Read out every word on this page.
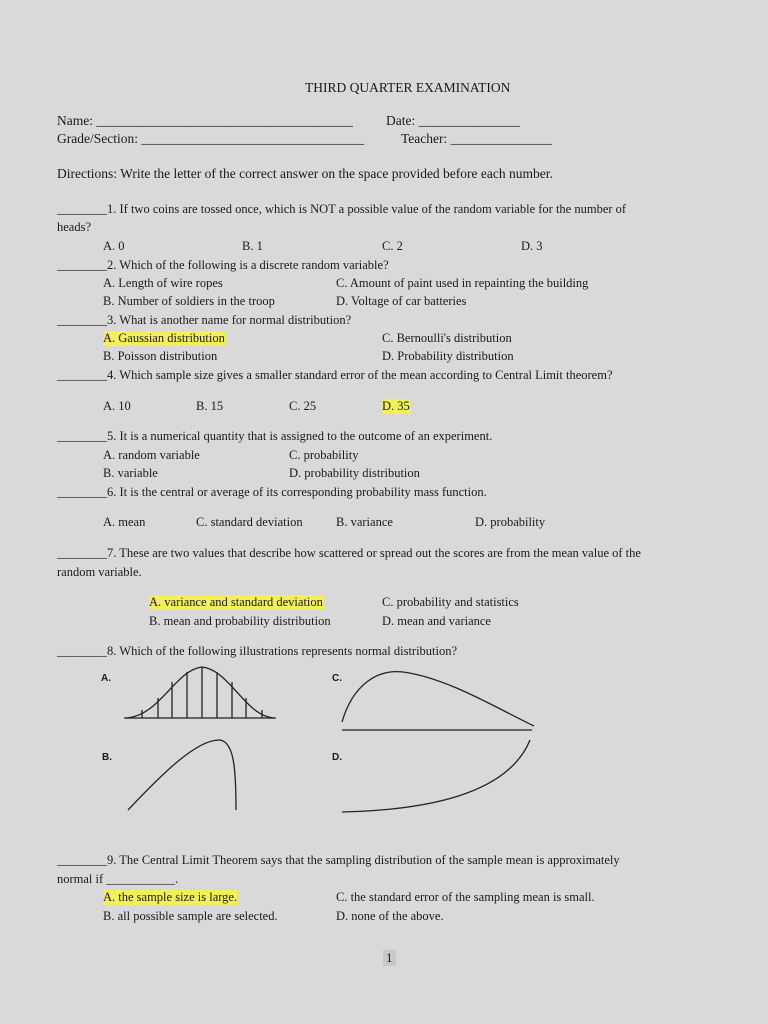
THIRD QUARTER EXAMINATION
Name: ______________________________________ Date: _______________
Grade/Section: _________________________________	Teacher: _______________
Directions: Write the letter of the correct answer on the space provided before each number.
________1. If two coins are tossed once, which is NOT a possible value of the random variable for the number of
heads?
A. 0	B. 1	C. 2	D. 3
________2. Which of the following is a discrete random variable?
A. Length of wire ropes	C. Amount of paint used in repainting the building
B. Number of soldiers in the troop	D. Voltage of car batteries
________3. What is another name for normal distribution?
A. Gaussian distribution	C. Bernoulli's distribution
B. Poisson distribution	D. Probability distribution
________4. Which sample size gives a smaller standard error of the mean according to Central Limit theorem?
A. 10	B. 15	C. 25	D. 35
________5. It is a numerical quantity that is assigned to the outcome of an experiment.
A. random variable	C. probability
B. variable	D. probability distribution
________6. It is the central or average of its corresponding probability mass function.
A. mean	C. standard deviation	B. variance	D. probability
________7. These are two values that describe how scattered or spread out the scores are from the mean value of the
random variable.
A. variance and standard deviation	C. probability and statistics
B. mean and probability distribution	D. mean and variance
________8. Which of the following illustrations represents normal distribution?
A.	C.
B.	D.
________9. The Central Limit Theorem says that the sampling distribution of the sample mean is approximately
normal if ___________.
A. the sample size is large.	C. the standard error of the sampling mean is small.
B. all possible sample are selected.	D. none of the above.
1
